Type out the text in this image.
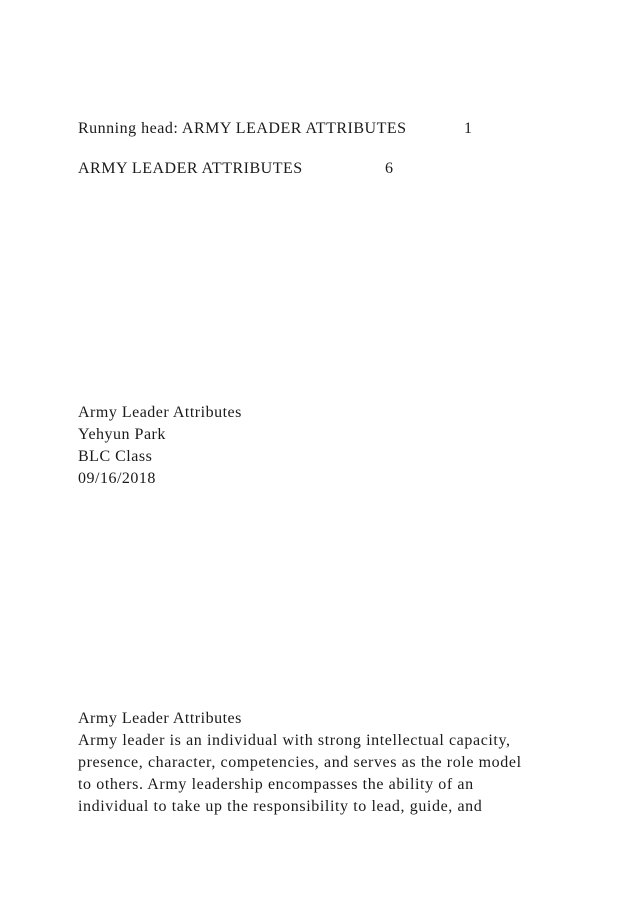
Running head: ARMY LEADER ATTRIBUTES	1
ARMY LEADER ATTRIBUTES	6
Army Leader Attributes
Yehyun Park
BLC Class
09/16/2018
Army Leader Attributes
Army leader is an individual with strong intellectual capacity,
presence, character, competencies, and serves as the role model
to others. Army leadership encompasses the ability of an
individual to take up the responsibility to lead, guide, and
